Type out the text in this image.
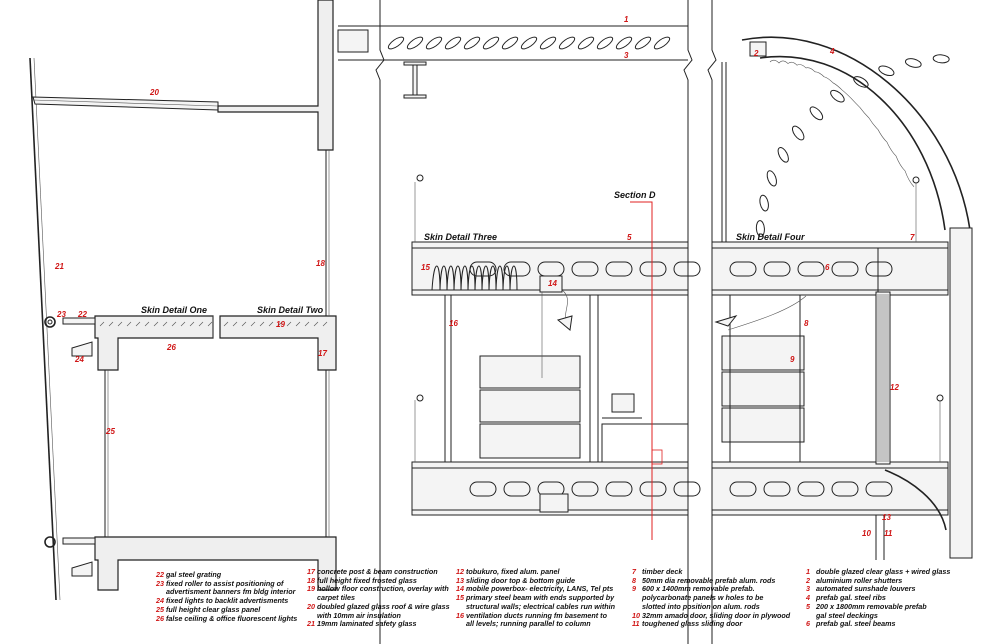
Skin Detail One	Skin Detail Two
Skin Detail Three	Skin Detail Four
Section D
1
2
3	4
5
6
7
8
9
10 11
12
13
14
15
16
17
18
19
20
21
22
23
24
25
26
22 gal steel grating
23 fixed roller to assist positioning of
advertisment banners fm bldg interior
24 fixed lights to backlit advertisments
25 full height clear glass panel
26 false ceiling & office fluorescent lights
17 concrete post & beam construction
18 full height fixed frosted glass
19 hollow floor construction, overlay with
carpet tiles
20 doubled glazed glass roof & wire glass
with 10mm air insulation
21 19mm laminated safety glass
12 tobukuro, fixed alum. panel
13 sliding door top & bottom guide
14 mobile powerbox- electricity, LANS, Tel pts
15 primary steel beam with ends supported by
structural walls; electrical cables run within
16 ventilation ducts running fm basement to
all levels; running parallel to column
7 timber deck
8 50mm dia removable prefab alum. rods
9 600 x 1400mm removable prefab.
polycarbonate panels w holes to be
slotted into position on alum. rods
10 32mm amado door, sliding door in plywood
11 toughened glass sliding door
1 double glazed clear glass + wired glass
2 aluminium roller shutters
3 automated sunshade louvers
4 prefab gal. steel ribs
5 200 x 1800mm removable prefab
gal steel deckings
6 prefab gal. steel beams
